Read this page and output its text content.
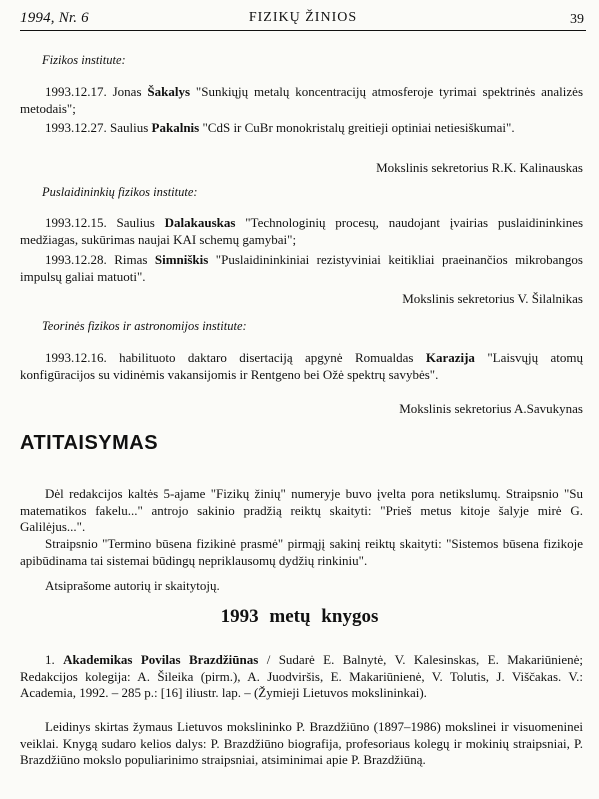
1994, Nr. 6	FIZIKŲ ŽINIOS	39
Fizikos institute:
1993.12.17. Jonas Šakalys "Sunkiųjų metalų koncentracijų atmosferoje tyrimai spektrinės analizės metodais";
1993.12.27. Saulius Pakalnis "CdS ir CuBr monokristalų greitieji optiniai netiesiškumai".
Mokslinis sekretorius R.K. Kalinauskas
Puslaidininkių fizikos institute:
1993.12.15. Saulius Dalakauskas "Technologinių procesų, naudojant įvairias puslaidininkines medžiagas, sukūrimas naujai KAI schemų gamybai";
1993.12.28. Rimas Simniškis "Puslaidininkiniai rezistyviniai keitikliai praeinančios mikrobangos impulsų galiai matuoti".
Mokslinis sekretorius V. Šilalnikas
Teorinės fizikos ir astronomijos institute:
1993.12.16. habilituoto daktaro disertaciją apgynė Romualdas Karazija "Laisvųjų atomų konfigūracijos su vidinėmis vakansijomis ir Rentgeno bei Ožė spektrų savybės".
Mokslinis sekretorius A.Savukynas
ATITAISYMAS
Dėl redakcijos kaltės 5-ajame "Fizikų žinių" numeryje buvo įvelta pora netikslumų. Straipsnio "Su matematikos fakelu..." antrojo sakinio pradžią reiktų skaityti: "Prieš metus kitoje šalyje mirė G. Galilėjus...".
Straipsnio "Termino būsena fizikinė prasmė" pirmąjį sakinį reiktų skaityti: "Sistemos būsena fizikoje apibūdinama tai sistemai būdingų nepriklausomų dydžių rinkiniu".
Atsiprašome autorių ir skaitytojų.
1993 metų knygos
1. Akademikas Povilas Brazdžiūnas / Sudarė E. Balnytė, V. Kalesinskas, E. Makariūnienė; Redakcijos kolegija: A. Šileika (pirm.), A. Juodviršis, E. Makariūnienė, V. Tolutis, J. Viščakas. V.: Academia, 1992. – 285 p.: [16] iliustr. lap. – (Žymieji Lietuvos mokslininkai).
Leidinys skirtas žymaus Lietuvos mokslininko P. Brazdžiūno (1897–1986) mokslinei ir visuomeninei veiklai. Knygą sudaro kelios dalys: P. Brazdžiūno biografija, profesoriaus kolegų ir mokinių straipsniai, P. Brazdžiūno mokslo populiarinimo straipsniai, atsiminimai apie P. Brazdžiūną.
